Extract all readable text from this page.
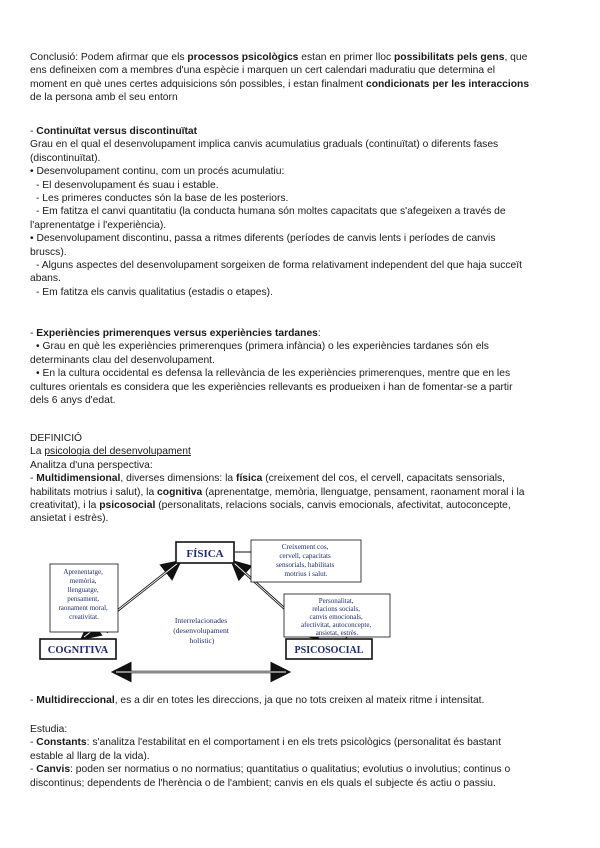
Conclusió: Podem afirmar que els processos psicològics estan en primer lloc possibilitats pels gens, que

ens defineixen com a membres d'una espècie i marquen un cert calendari maduratiu que determina el

moment en què unes certes adquisicions són possibles, i estan finalment condicionats per les interaccions

de la persona amb el seu entorn

- Continuïtat versus discontinuïtat

Grau en el qual el desenvolupament implica canvis acumulatius graduals (continuïtat) o diferents fases

(discontinuïtat).

• Desenvolupament continu, com un procés acumulatiu:

- El desenvolupament és suau i estable.

- Les primeres conductes són la base de les posteriors.

- Em fatitza el canvi quantitatiu (la conducta humana són moltes capacitats que s'afegeixen a través de

l'aprenentatge i l'experiència).

• Desenvolupament discontinu, passa a ritmes diferents (períodes de canvis lents i períodes de canvis

bruscs).

- Alguns aspectes del desenvolupament sorgeixen de forma relativament independent del que haja succeït

abans.

- Em fatitza els canvis qualitatius (estadis o etapes).

- Experiències primerenques versus experiències tardanes:

• Grau en què les experiències primerenques (primera infància) o les experiències tardanes són els

determinants clau del desenvolupament.

• En la cultura occidental es defensa la rellevància de les experiències primerenques, mentre que en les

cultures orientals es considera que les experiències rellevants es produeixen i han de fomentar-se a partir

dels 6 anys d'edat.

DEFINICIÓ

La psicologia del desenvolupament

Analitza d'una perspectiva:

- Multidimensional, diverses dimensions: la física (creixement del cos, el cervell, capacitats sensorials,

habilitats motrius i salut), la cognitiva (aprenentatge, memòria, llenguatge, pensament, raonament moral i la

creativitat), i la psicosocial (personalitats, relacions socials, canvis emocionals, afectivitat, autoconcepte,

ansietat i estrès).

FÍSICA
COGNITIVA	PSICOSOCIAL
Creixement cos, cervell, capacitats sensorials, habilitats motrius i salut.
Aprenentatge, memòria, llenguatge, pensament, raonament moral, creativitat.
Personalitat, relacions socials, canvis emocionals, afectivitat, autoconcepte, ansietat, estrès.
Interrelacionades (desenvolupament holístic)

- Multidireccional, es a dir en totes les direccions, ja que no tots creixen al mateix ritme i intensitat.

Estudia:

- Constants: s'analitza l'estabilitat en el comportament i en els trets psicològics (personalitat és bastant

estable al llarg de la vida).

- Canvis: poden ser normatius o no normatius; quantitatius o qualitatius; evolutius o involutius; continus o

discontinus; dependents de l'herència o de l'ambient; canvis en els quals el subjecte és actiu o passiu.
